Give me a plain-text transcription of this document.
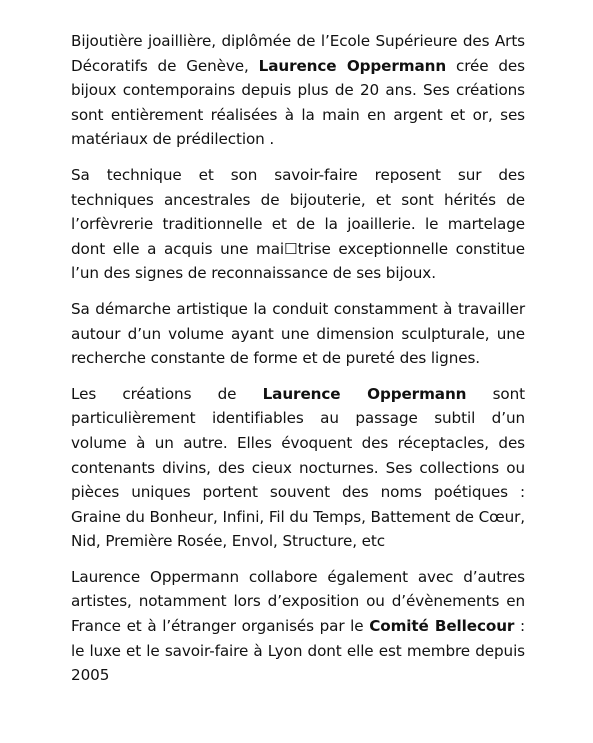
Bijoutière joaillière, diplômée de l’Ecole Supérieure des Arts Décoratifs de Genève, Laurence Oppermann crée des bijoux contemporains depuis plus de 20 ans. Ses créations sont entièrement réalisées à la main en argent et or, ses matériaux de prédilection .

Sa technique et son savoir-faire reposent sur des techniques ancestrales de bijouterie, et sont hérités de l’orfèvrerie traditionnelle et de la joaillerie. le martelage dont elle a acquis une mai☐trise exceptionnelle constitue l’un des signes de reconnaissance de ses bijoux.

Sa démarche artistique la conduit constamment à travailler autour d’un volume ayant une dimension sculpturale, une recherche constante de forme et de pureté des lignes.

Les créations de Laurence Oppermann sont particulièrement identifiables au passage subtil d’un volume à un autre. Elles évoquent des réceptacles, des contenants divins, des cieux nocturnes. Ses collections ou pièces uniques portent souvent des noms poétiques : Graine du Bonheur, Infini, Fil du Temps, Battement de Cœur, Nid, Première Rosée, Envol, Structure, etc

Laurence Oppermann collabore également avec d’autres artistes, notamment lors d’exposition ou d’évènements en France et à l’étranger organisés par le Comité Bellecour : le luxe et le savoir-faire à Lyon dont elle est membre depuis 2005
